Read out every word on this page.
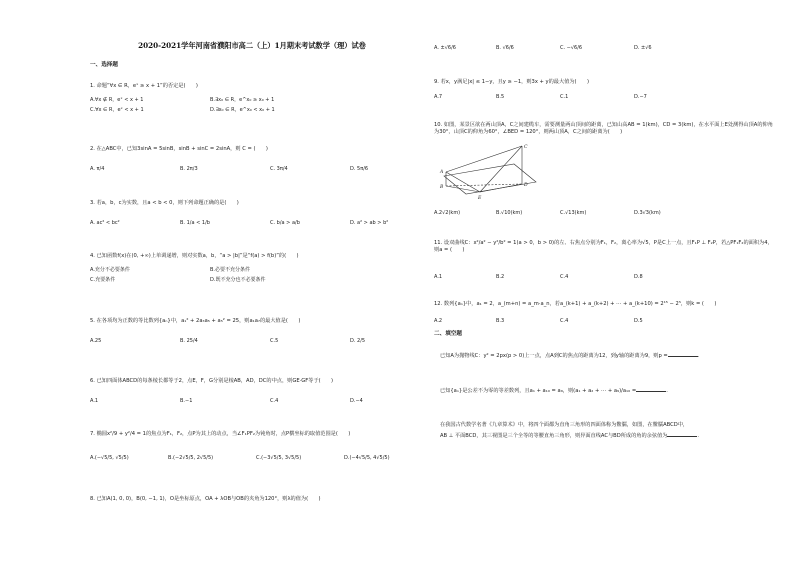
2020-2021学年河南省濮阳市高二（上）1月期末考试数学（理）试卷
一、选择题
1. 命题“∀x ∈ R，eˣ ≥ x + 1”的否定是(　　)
A.∀x ∉ R，eˣ < x + 1	B.∃x₀ ∈ R，e^x₀ ≥ x₀ + 1
C.∀x ∈ R，eˣ < x + 1	D.∃x₀ ∈ R，e^x₀ < x₀ + 1
2. 在△ABC中，已知3sinA = 5sinB，sinB + sinC = 2sinA，则 C = (　　)
A. π/4	B. 2π/3	C. 3π/4	D. 5π/6
3. 若a，b，c为实数，且a < b < 0，则下列命题正确的是(　　)
A. ac² < bc²	B. 1/a < 1/b	C. b/a > a/b	D. a² > ab > b²
4. 已知函数f(x)在(0, +∞)上单调递增，则对实数a，b，“a > |b|”是“f(a) > f(b)”的(　　)
A.充分不必要条件	B.必要不充分条件
C.充要条件	D.既不充分也不必要条件
5. 在各项均为正数的等比数列{aₙ}中，a₁² + 2a₃a₅ + a₅² = 25，则a₁a₇的最大值是(　　)
A.25	B. 25/4	C.5	D. 2/5
6. 已知四面体ABCD的每条棱长都等于2，点E，F，G分别是棱AB，AD，DC的中点，则GE·GF等于(　　)
A.1	B.−1	C.4	D.−4
7. 椭圆x²/9 + y²/4 = 1的焦点为F₁，F₂，点P为其上的动点，当∠F₁PF₂为钝角时，点P横坐标的取值范围是(　　)
A.(−√5/5, √5/5)	B.(−2√5/5, 2√5/5)	C.(−3√5/5, 3√5/5)	D.(−4√5/5, 4√5/5)
8. 已知A(1, 0, 0)，B(0, −1, 1)，O是坐标原点，OA + λOB与OB的夹角为120°，则λ的值为(　　)
A. ±√6/6	B. √6/6	C. −√6/6	D. ±√6
9. 若x，y满足|x| ≤ 1−y，且y ≥ −1，则3x + y的最大值为(　　)
A.7	B.5	C.1	D.−7
10. 如图，某景区欲在两山顶A，C之间建缆车，需要测量两山顶间的距离，已知山高AB = 1(km)，CD = 3(km)，在水平面上E处测得山顶A的仰角为30°，山顶C的仰角为60°，∠BED = 120°，则两山顶A，C之间的距离为(　　)
A
B
C
D
E
A.2√2(km)	B.√10(km)	C.√13(km)	D.3√3(km)
11. 设双曲线C：x²/a² − y²/b² = 1(a > 0，b > 0)的左、右焦点分别为F₁，F₂，离心率为√5，P是C上一点，且F₁P ⊥ F₂P，若△PF₁F₂的面积为4，则a = (　　)
A.1	B.2	C.4	D.8
12. 数列{aₙ}中，a₁ = 2，a_(m+n) = a_m·a_n，若a_(k+1) + a_(k+2) + ⋯ + a_(k+10) = 2¹⁵ − 2⁵，则k = (　　)
A.2	B.3	C.4	D.5
二、填空题
已知A为抛物线C：y² = 2px(p > 0)上一点，点A到C的焦点的距离为12，到y轴的距离为9，则p =	.
已知{aₙ}是公差不为零的等差数列，且a₁ + a₁₀ = a₉，则(a₁ + a₂ + ⋯ + a₉)/a₁₀ =	.
在我国古代数学名著《九章算术》中，将四个面都为直角三角形的四面体称为鳖臑，如图，在鳖臑ABCD中，
AB ⊥ 平面BCD，其三视图是三个全等的等腰直角三角形，则异面直线AC与BD所成的角的余弦值为	.
